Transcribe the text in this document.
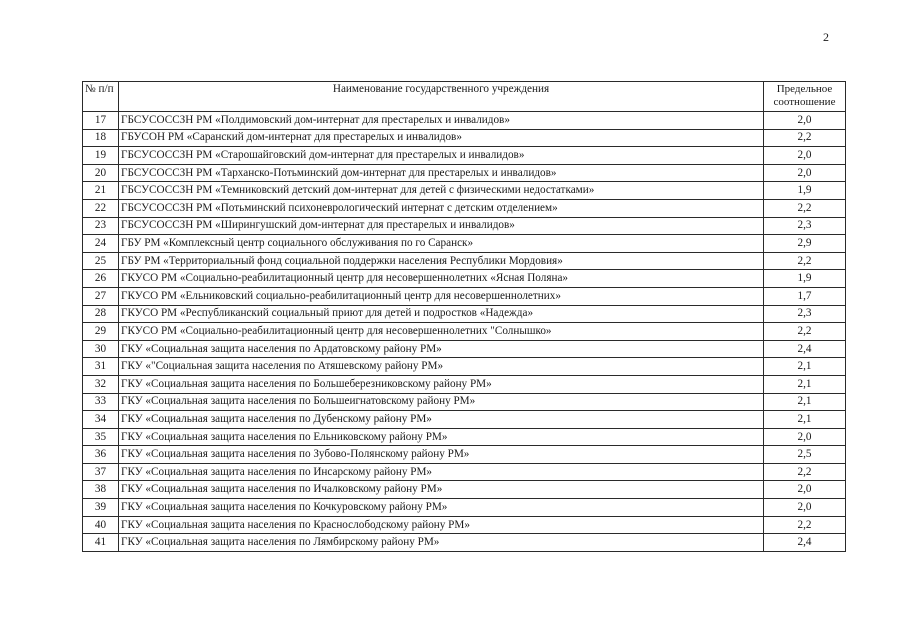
2
№ п/п	Наименование государственного учреждения	Предельное
соотношение
17	ГБСУСОССЗН РМ «Полдимовский дом-интернат для престарелых и инвалидов»	2,0
18	ГБУСОН РМ «Саранский дом-интернат для престарелых и инвалидов»	2,2
19	ГБСУСОССЗН РМ «Старошайговский дом-интернат для престарелых и инвалидов»	2,0
20	ГБСУСОССЗН РМ «Тарханско-Потьминский дом-интернат для престарелых и инвалидов»	2,0
21	ГБСУСОССЗН РМ «Темниковский детский дом-интернат для детей с физическими недостатками»	1,9
22	ГБСУСОССЗН РМ «Потьминский психоневрологический интернат с детским отделением»	2,2
23	ГБСУСОССЗН РМ «Ширингушский дом-интернат для престарелых и инвалидов»	2,3
24	ГБУ РМ «Комплексный центр социального обслуживания по го Саранск»	2,9
25	ГБУ РМ «Территориальный фонд социальной поддержки населения Республики Мордовия»	2,2
26	ГКУСО РМ «Социально-реабилитационный центр для несовершеннолетних «Ясная Поляна»	1,9
27	ГКУСО РМ «Ельниковский социально-реабилитационный центр для несовершеннолетних»	1,7
28	ГКУСО РМ «Республиканский социальный приют для детей и подростков «Надежда»	2,3
29	ГКУСО РМ «Социально-реабилитационный центр для несовершеннолетних "Солнышко»	2,2
30	ГКУ «Социальная защита населения по Ардатовскому району РМ»	2,4
31	ГКУ «"Социальная защита населения по Атяшевскому району РМ»	2,1
32	ГКУ «Социальная защита населения по Большеберезниковскому району РМ»	2,1
33	ГКУ «Социальная защита населения по Большеигнатовскому району РМ»	2,1
34	ГКУ «Социальная защита населения по Дубенскому району РМ»	2,1
35	ГКУ «Социальная защита населения по Ельниковскому району РМ»	2,0
36	ГКУ «Социальная защита населения по Зубово-Полянскому району РМ»	2,5
37	ГКУ «Социальная защита населения по Инсарскому району РМ»	2,2
38	ГКУ «Социальная защита населения по Ичалковскому району РМ»	2,0
39	ГКУ «Социальная защита населения по Кочкуровскому району РМ»	2,0
40	ГКУ «Социальная защита населения по Краснослободскому району РМ»	2,2
41	ГКУ «Социальная защита населения по Лямбирскому району РМ»	2,4
